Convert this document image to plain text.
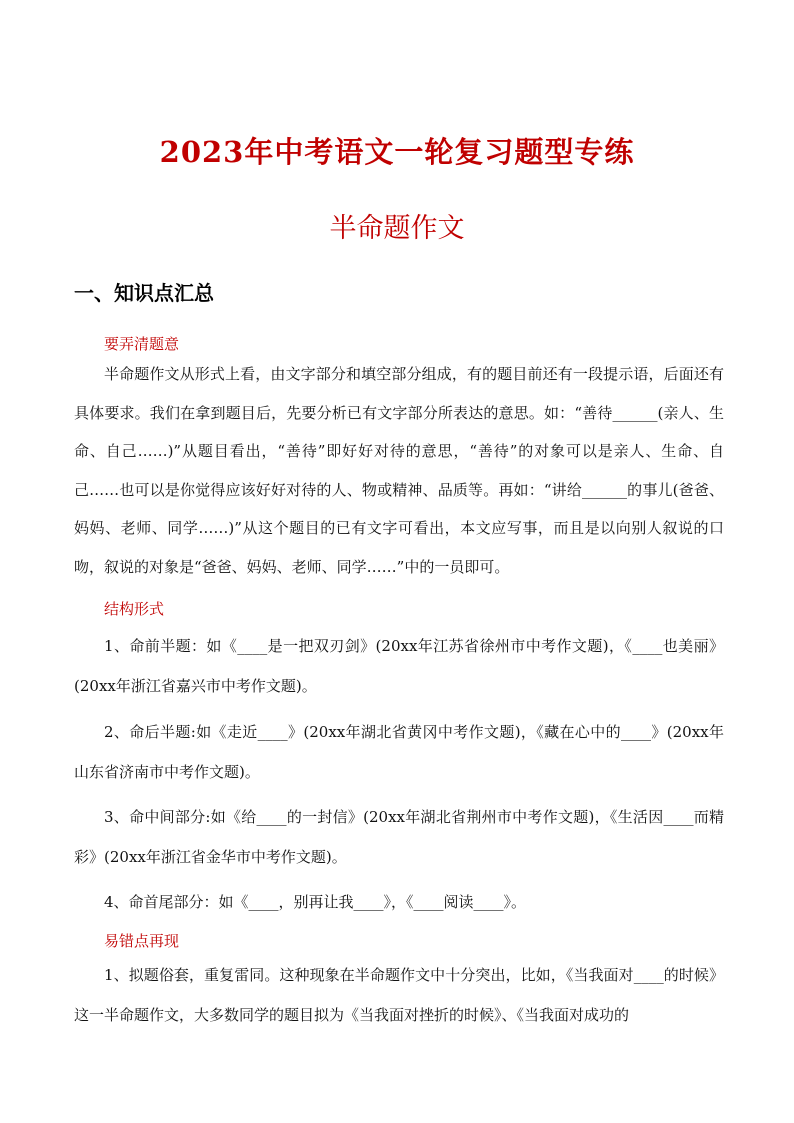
2023年中考语文一轮复习题型专练
半命题作文
一、知识点汇总
要弄清题意
半命题作文从形式上看，由文字部分和填空部分组成，有的题目前还有一段提示语，后面还有具体要求。我们在拿到题目后，先要分析已有文字部分所表达的意思。如：“善待______(亲人、生命、自己……)”从题目看出，“善待”即好好对待的意思，“善待”的对象可以是亲人、生命、自己……也可以是你觉得应该好好对待的人、物或精神、品质等。再如：“讲给______的事儿(爸爸、妈妈、老师、同学……)”从这个题目的已有文字可看出，本文应写事，而且是以向别人叙说的口吻，叙说的对象是“爸爸、妈妈、老师、同学……”中的一员即可。
结构形式
1、命前半题：如《____是一把双刃剑》(20xx年江苏省徐州市中考作文题)，《____也美丽》(20xx年浙江省嘉兴市中考作文题)。
2、命后半题:如《走近____》(20xx年湖北省黄冈中考作文题)，《藏在心中的____》(20xx年山东省济南市中考作文题)。
3、命中间部分:如《给____的一封信》(20xx年湖北省荆州市中考作文题)，《生活因____而精彩》(20xx年浙江省金华市中考作文题)。
4、命首尾部分：如《____，别再让我____》，《____阅读____》。
易错点再现
1、拟题俗套，重复雷同。这种现象在半命题作文中十分突出，比如，《当我面对____的时候》这一半命题作文，大多数同学的题目拟为《当我面对挫折的时候》、《当我面对成功的
